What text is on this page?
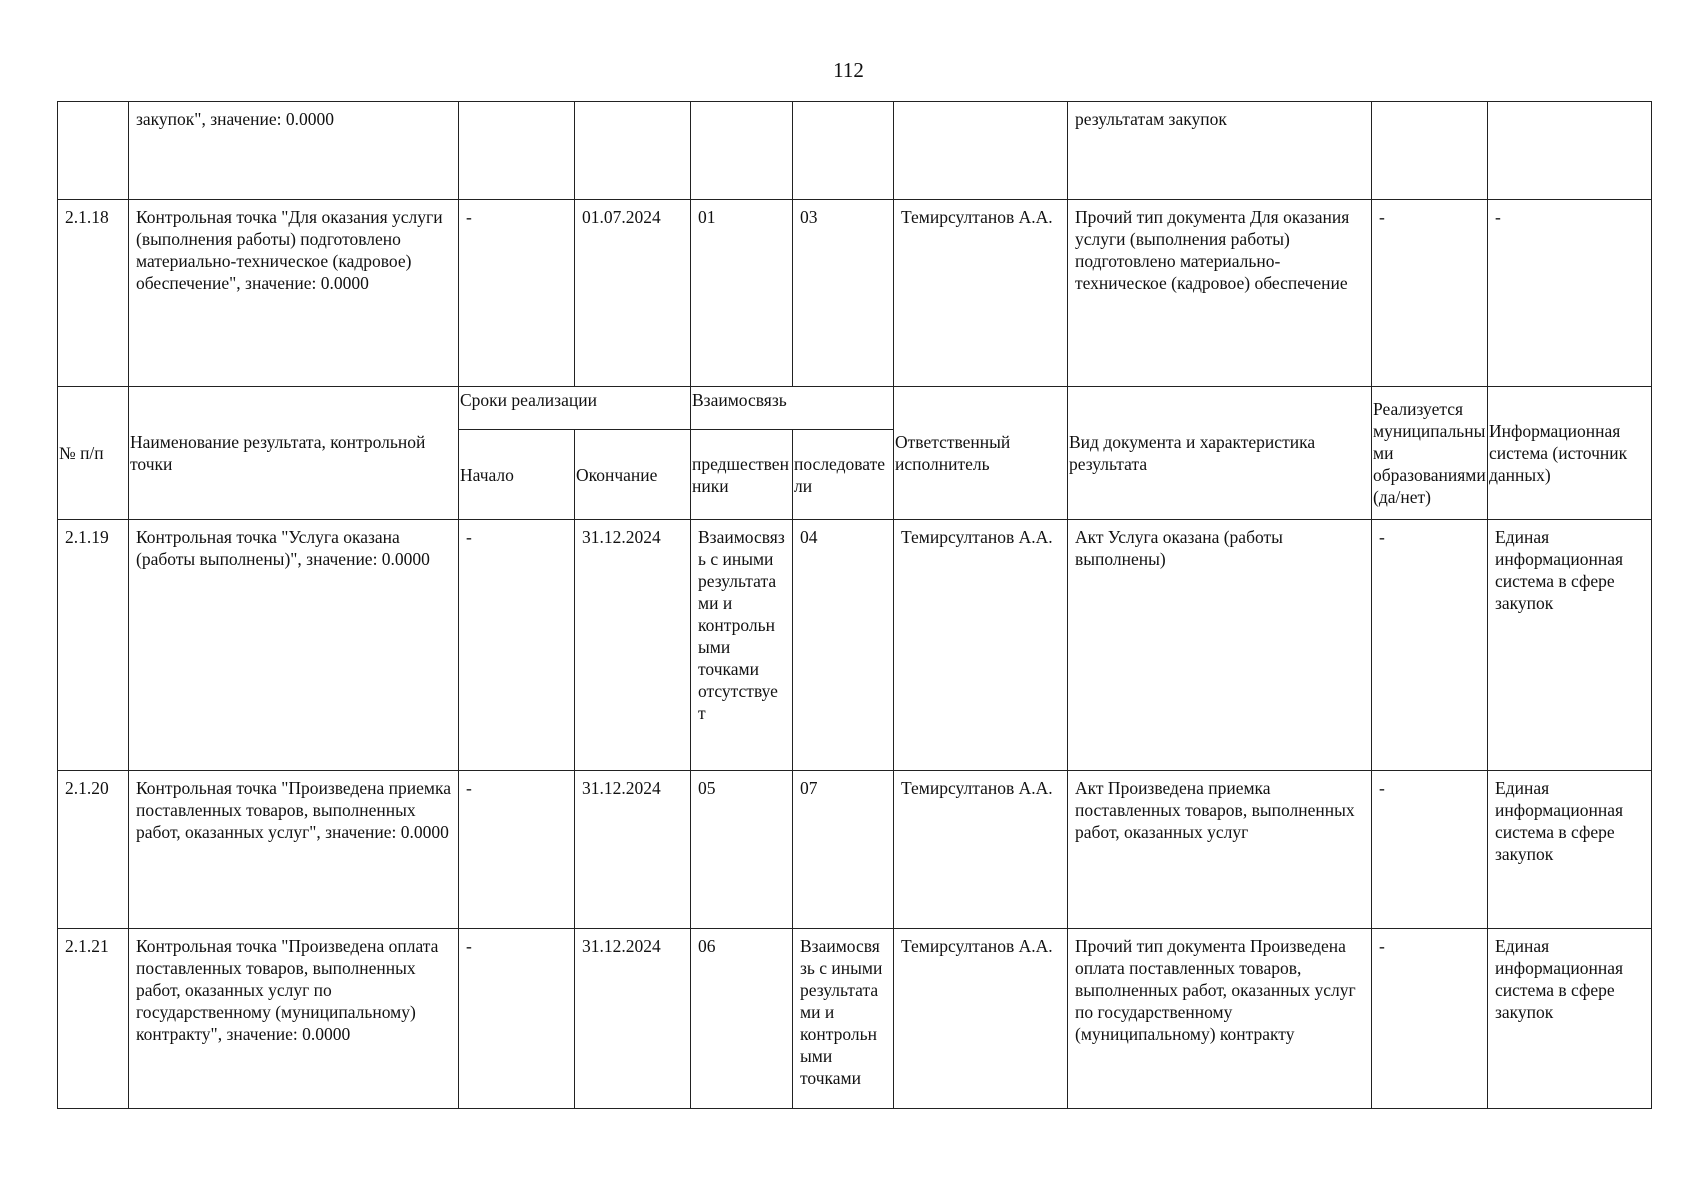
112
	закупок", значение: 0.0000						результатам закупок		
2.1.18	Контрольная точка "Для оказания услуги (выполнения работы) подготовлено материально-техническое (кадровое) обеспечение", значение: 0.0000	-	01.07.2024	01	03	Темирсултанов А.А.	Прочий тип документа Для оказания услуги (выполнения работы) подготовлено материально-техническое (кадровое) обеспечение	-	-
№ п/п	Наименование результата, контрольной точки	Сроки реализации		Взаимосвязь		Ответственный исполнитель	Вид документа и характеристика результата	Реализуется муниципальными образованиями (да/нет)	Информационная система (источник данных)
		Начало	Окончание	предшественники	последователи				
2.1.19	Контрольная точка "Услуга оказана (работы выполнены)", значение: 0.0000	-	31.12.2024	Взаимосвязь с иными результатами и контрольными точками отсутствует	04	Темирсултанов А.А.	Акт Услуга оказана (работы выполнены)	-	Единая информационная система в сфере закупок
2.1.20	Контрольная точка "Произведена приемка поставленных товаров, выполненных работ, оказанных услуг", значение: 0.0000	-	31.12.2024	05	07	Темирсултанов А.А.	Акт Произведена приемка поставленных товаров, выполненных работ, оказанных услуг	-	Единая информационная система в сфере закупок
2.1.21	Контрольная точка "Произведена оплата поставленных товаров, выполненных работ, оказанных услуг по государственному (муниципальному) контракту", значение: 0.0000	-	31.12.2024	06	Взаимосвязь с иными результатами и контрольными точками	Темирсултанов А.А.	Прочий тип документа Произведена оплата поставленных товаров, выполненных работ, оказанных услуг по государственному (муниципальному) контракту	-	Единая информационная система в сфере закупок
